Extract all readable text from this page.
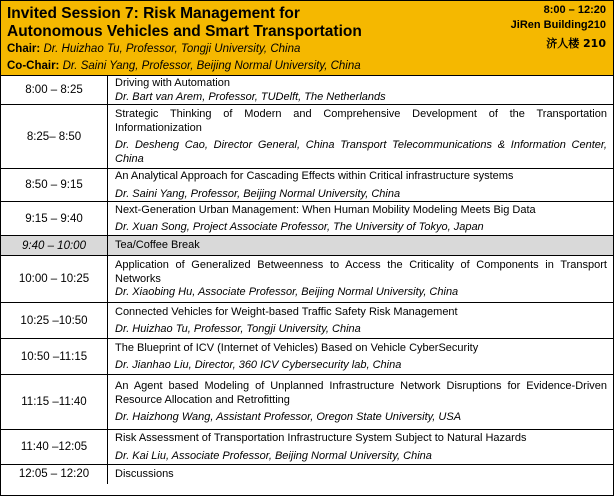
Invited Session 7: Risk Management for
Autonomous Vehicles and Smart Transportation
Chair: Dr. Huizhao Tu, Professor, Tongji University, China
Co-Chair: Dr. Saini Yang, Professor, Beijing Normal University, China
8:00 – 12:20
JiRen Building210
济人楼 210
8:00 – 8:25	Driving with Automation
Dr. Bart van Arem, Professor, TUDelft, The Netherlands

8:25– 8:50	Strategic Thinking of Modern and Comprehensive Development of the Transportation Informationization
Dr. Desheng Cao, Director General, China Transport Telecommunications & Information Center, China

8:50 – 9:15	An Analytical Approach for Cascading Effects within Critical infrastructure systems
Dr. Saini Yang, Professor, Beijing Normal University, China

9:15 – 9:40	Next-Generation Urban Management: When Human Mobility Modeling Meets Big Data
Dr. Xuan Song, Project Associate Professor, The University of Tokyo, Japan

9:40 – 10:00	Tea/Coffee Break

10:00 – 10:25	Application of Generalized Betweenness to Access the Criticality of Components in Transport Networks
Dr. Xiaobing Hu, Associate Professor, Beijing Normal University, China

10:25 –10:50	Connected Vehicles for Weight-based Traffic Safety Risk Management
Dr. Huizhao Tu, Professor, Tongji University, China

10:50 –11:15	The Blueprint of ICV (Internet of Vehicles) Based on Vehicle CyberSecurity
Dr. Jianhao Liu, Director, 360 ICV Cybersecurity lab, China

11:15 –11:40	An Agent based Modeling of Unplanned Infrastructure Network Disruptions for Evidence-Driven Resource Allocation and Retrofitting
Dr. Haizhong Wang, Assistant Professor, Oregon State University, USA

11:40 –12:05	Risk Assessment of Transportation Infrastructure System Subject to Natural Hazards
Dr. Kai Liu, Associate Professor, Beijing Normal University, China

12:05 – 12:20	Discussions
